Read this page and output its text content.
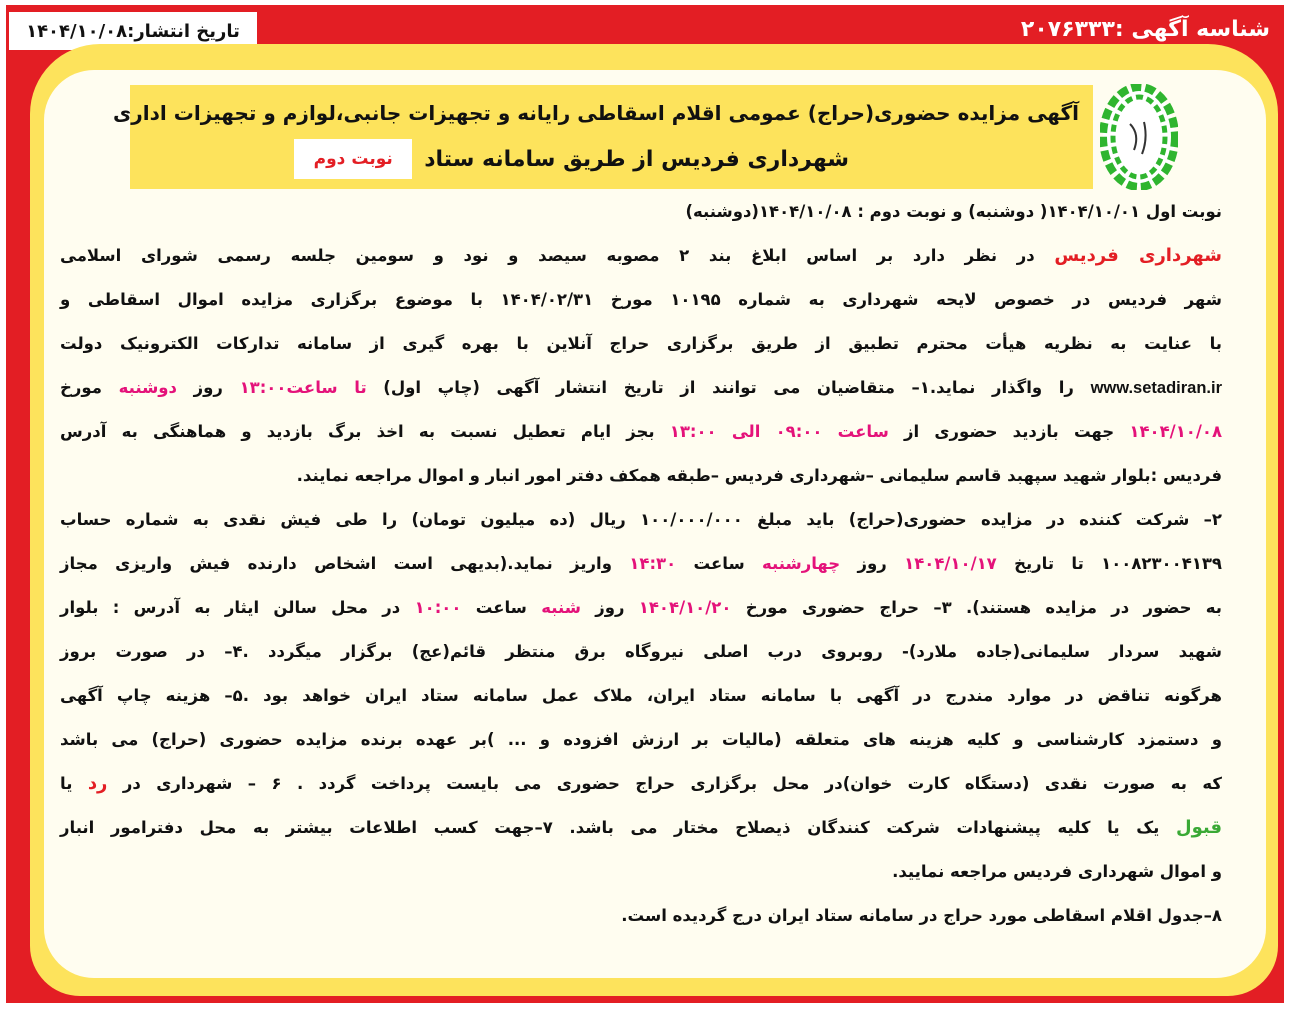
تاریخ انتشار:۱۴۰۴/۱۰/۰۸	شناسه آگهی :۲۰۷۶۳۳۳
آگهی مزایده حضوری(حراج) عمومی اقلام اسقاطی رایانه و تجهیزات جانبی،لوازم و تجهیزات اداری
شهرداری فردیس از طریق سامانه ستاد
نوبت دوم
نوبت اول ۱۴۰۴/۱۰/۰۱( دوشنبه) و نوبت دوم : ۱۴۰۴/۱۰/۰۸(دوشنبه)
شهرداری فردیس در نظر دارد بر اساس ابلاغ بند ۲ مصوبه سیصد و نود و سومین جلسه رسمی شورای اسلامی
شهر فردیس در خصوص لایحه شهرداری به شماره ۱۰۱۹۵ مورخ ۱۴۰۴/۰۲/۳۱ با موضوع برگزاری مزایده اموال اسقاطی و
با عنایت به نظریه هیأت محترم تطبیق از طریق برگزاری حراج آنلاین با بهره گیری از سامانه تدارکات الکترونیک دولت
www.setadiran.ir را واگذار نماید.۱– متقاضیان می توانند از تاریخ انتشار آگهی (چاپ اول) تا ساعت۱۳:۰۰ روز دوشنبه مورخ
۱۴۰۴/۱۰/۰۸ جهت بازدید حضوری از ساعت ۰۹:۰۰ الی ۱۳:۰۰ بجز ایام تعطیل نسبت به اخذ برگ بازدید و هماهنگی به آدرس
فردیس :بلوار شهید سپهبد قاسم سلیمانی –شهرداری فردیس –طبقه همکف دفتر امور انبار و اموال مراجعه نمایند.
۲– شرکت کننده در مزایده حضوری(حراج) باید مبلغ ۱۰۰/۰۰۰/۰۰۰ ریال (ده میلیون تومان) را طی فیش نقدی به شماره حساب
۱۰۰۸۲۳۰۰۴۱۳۹ تا تاریخ ۱۴۰۴/۱۰/۱۷ روز چهارشنبه ساعت ۱۴:۳۰ واریز نماید.(بدیهی است اشخاص دارنده فیش واریزی مجاز
به حضور در مزایده هستند). ۳– حراج حضوری مورخ ۱۴۰۴/۱۰/۲۰ روز شنبه ساعت ۱۰:۰۰ در محل سالن ایثار به آدرس : بلوار
شهید سردار سلیمانی(جاده ملارد)- روبروی درب اصلی نیروگاه برق منتظر قائم(عج) برگزار میگردد .۴– در صورت بروز
هرگونه تناقض در موارد مندرج در آگهی با سامانه ستاد ایران، ملاک عمل سامانه ستاد ایران خواهد بود .۵– هزینه چاپ آگهی
و دستمزد کارشناسی و کلیه هزینه های متعلقه (مالیات بر ارزش افزوده و ... )بر عهده برنده مزایده حضوری (حراج) می باشد
که به صورت نقدی (دستگاه کارت خوان)در محل برگزاری حراج حضوری می بایست پرداخت گردد . ۶ – شهرداری در رد یا
قبول یک یا کلیه پیشنهادات شرکت کنندگان ذیصلاح مختار می باشد. ۷–جهت کسب اطلاعات بیشتر به محل دفترامور انبار
و اموال شهرداری فردیس مراجعه نمایید.
۸–جدول اقلام اسقاطی مورد حراج در سامانه ستاد ایران درج گردیده است.
